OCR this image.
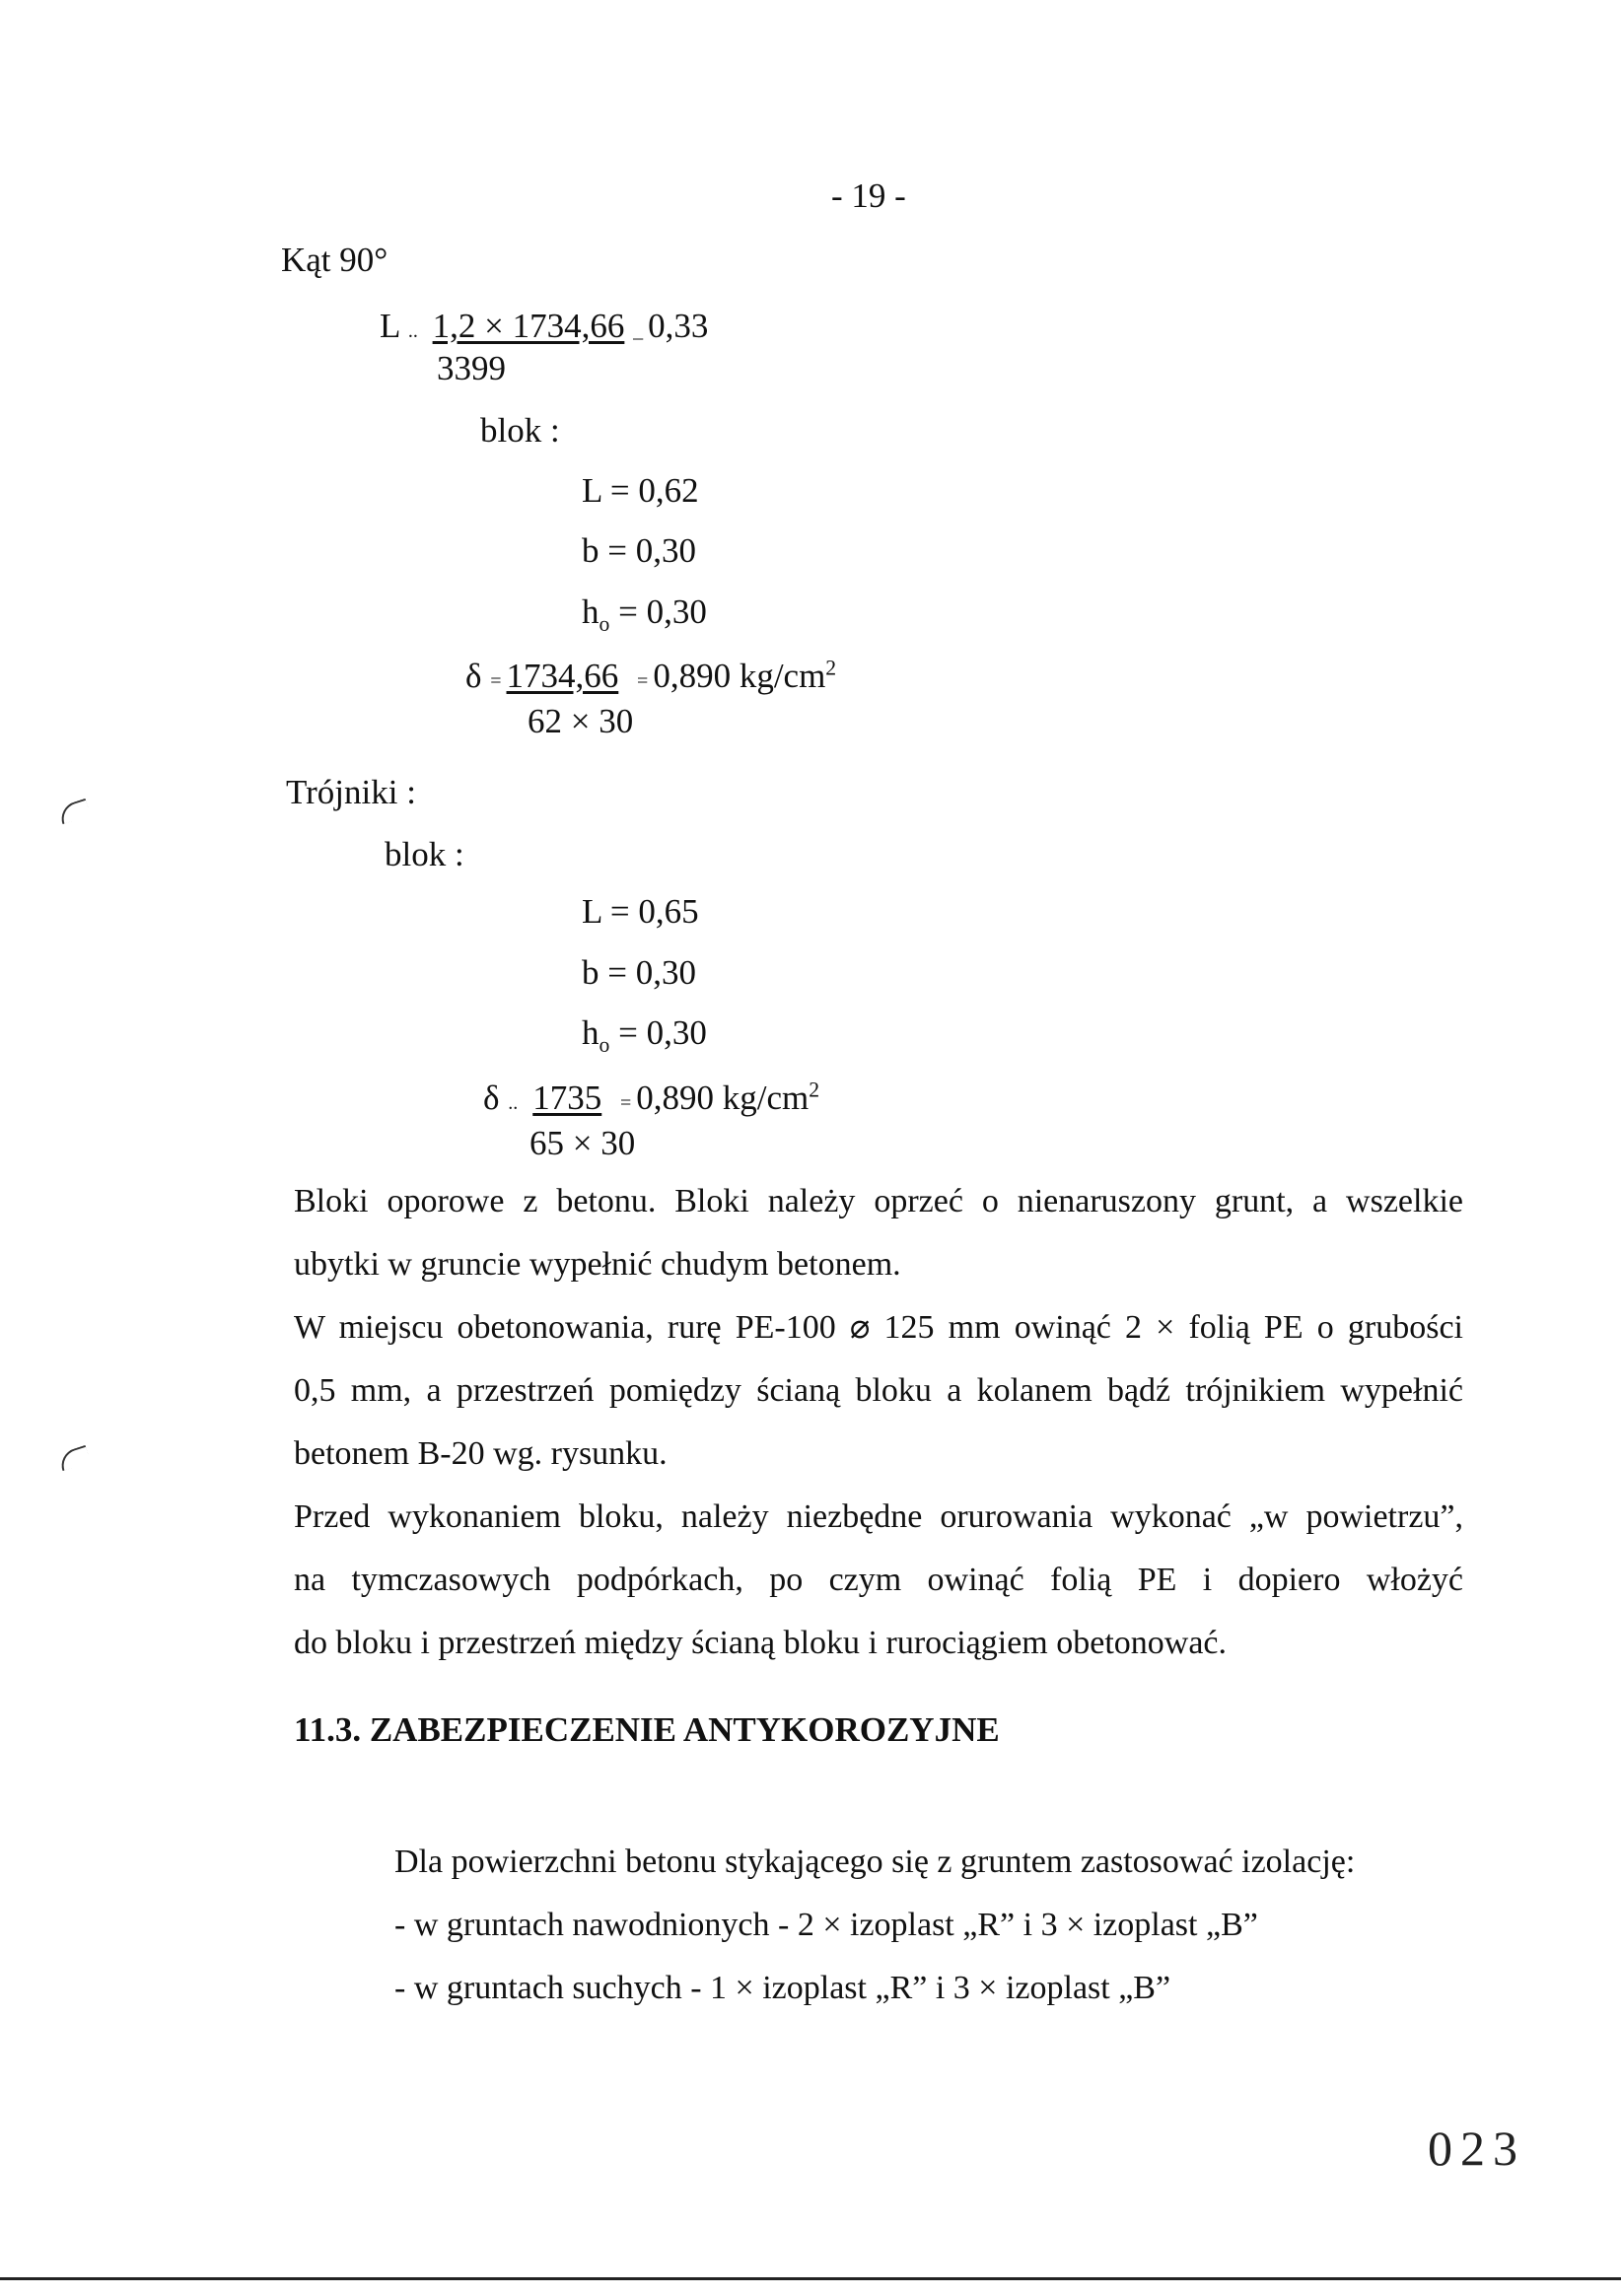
- 19 -
Kąt 90°
L .. 1,2 × 1734,66 _ 0,33
3399
blok :
L = 0,62
b = 0,30
$h_o = 0,30$
δ = 1734,66   = 0,890 $kg/cm^2$
62 × 30
Trójniki :
blok :
L = 0,65
b = 0,30
$h_o = 0,30$
δ .. 1735   = 0,890 $kg/cm^2$
65 × 30
Bloki oporowe z betonu. Bloki należy oprzeć o nienaruszony grunt, a wszelkie
ubytki w gruncie wypełnić chudym betonem.
W miejscu obetonowania, rurę PE-100 ⌀ 125 mm owinąć 2 × folią PE o grubości
0,5 mm, a przestrzeń pomiędzy ścianą bloku a kolanem bądź trójnikiem wypełnić
betonem B-20 wg. rysunku.
Przed wykonaniem bloku, należy niezbędne orurowania wykonać „w powietrzu”,
na tymczasowych podpórkach, po czym owinąć folią PE i dopiero włożyć
do bloku i przestrzeń między ścianą bloku i rurociągiem obetonować.
11.3. ZABEZPIECZENIE ANTYKOROZYJNE
Dla powierzchni betonu stykającego się z gruntem zastosować izolację:
- w gruntach nawodnionych - 2 × izoplast „R” i 3 × izoplast „B”
- w gruntach suchych - 1 × izoplast „R” i 3 × izoplast „B”
023
